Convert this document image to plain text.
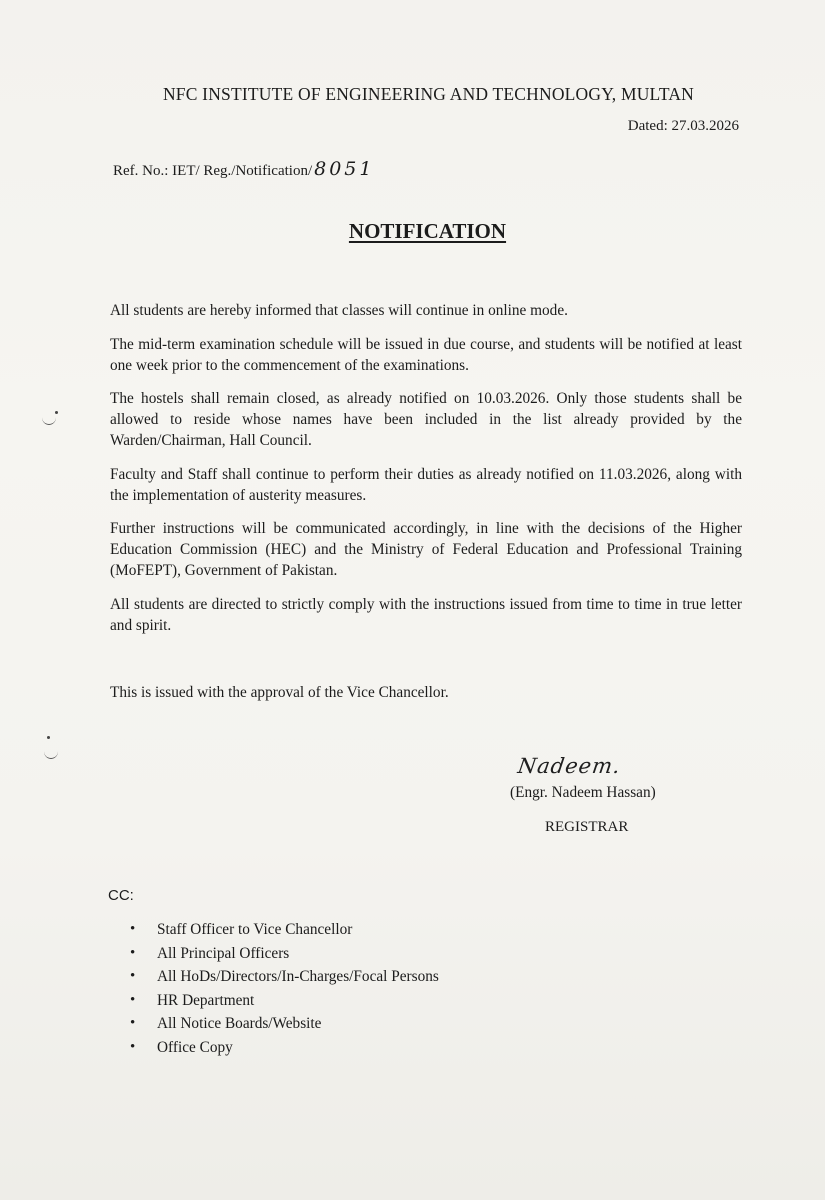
NFC INSTITUTE OF ENGINEERING AND TECHNOLOGY, MULTAN
Dated: 27.03.2026
Ref. No.: IET/ Reg./Notification/ 8051
NOTIFICATION

All students are hereby informed that classes will continue in online mode.

The mid-term examination schedule will be issued in due course, and students will be notified at least one week prior to the commencement of the examinations.

The hostels shall remain closed, as already notified on 10.03.2026. Only those students shall be allowed to reside whose names have been included in the list already provided by the Warden/Chairman, Hall Council.

Faculty and Staff shall continue to perform their duties as already notified on 11.03.2026, along with the implementation of austerity measures.

Further instructions will be communicated accordingly, in line with the decisions of the Higher Education Commission (HEC) and the Ministry of Federal Education and Professional Training (MoFEPT), Government of Pakistan.

All students are directed to strictly comply with the instructions issued from time to time in true letter and spirit.

This is issued with the approval of the Vice Chancellor.
Nadeem.
(Engr. Nadeem Hassan)
REGISTRAR
CC:
• Staff Officer to Vice Chancellor
• All Principal Officers
• All HoDs/Directors/In-Charges/Focal Persons
• HR Department
• All Notice Boards/Website
• Office Copy
